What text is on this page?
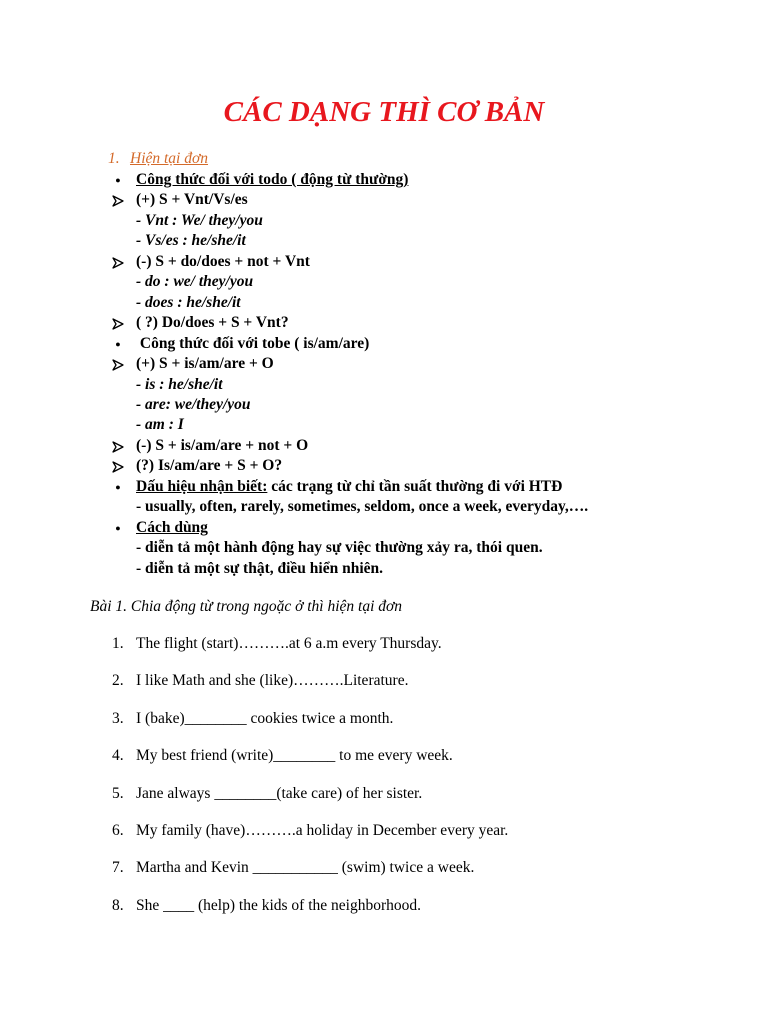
CÁC DẠNG THÌ CƠ BẢN
1. Hiện tại đơn
● Công thức đối với todo ( động từ thường)
(+) S + Vnt/Vs/es
- Vnt : We/ they/you
- Vs/es : he/she/it
(-) S + do/does + not + Vnt
- do : we/ they/you
- does : he/she/it
( ?) Do/does + S + Vnt?
● Công thức đối với tobe ( is/am/are)
(+) S + is/am/are + O
- is : he/she/it
- are: we/they/you
- am : I
(-) S + is/am/are + not + O
(?) Is/am/are + S + O?
● Dấu hiệu nhận biết: các trạng từ chỉ tần suất thường đi với HTĐ
- usually, often, rarely, sometimes, seldom, once a week, everyday,….
● Cách dùng
- diễn tả một hành động hay sự việc thường xảy ra, thói quen.
- diễn tả một sự thật, điều hiển nhiên.
Bài 1. Chia động từ trong ngoặc ở thì hiện tại đơn
1. The flight (start)……….at 6 a.m every Thursday.
2. I like Math and she (like)……….Literature.
3. I (bake)________ cookies twice a month.
4. My best friend (write)________ to me every week.
5. Jane always ________(take care) of her sister.
6. My family (have)……….a holiday in December every year.
7. Martha and Kevin ___________ (swim) twice a week.
8. She ____ (help) the kids of the neighborhood.
